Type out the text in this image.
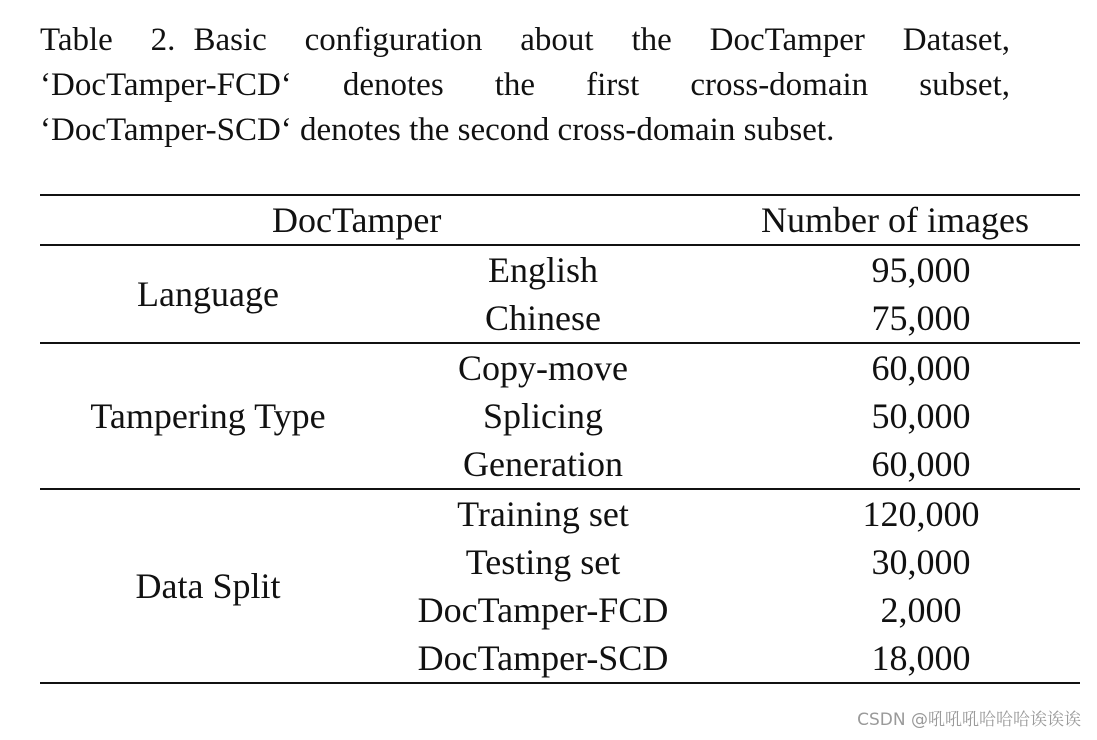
Table 2. Basic configuration about the DocTamper Dataset,
‘DocTamper-FCD‘ denotes the first cross-domain subset,
‘DocTamper-SCD‘ denotes the second cross-domain subset.
DocTamper		Number of images
Language	English	95,000
	Chinese	75,000
Tampering Type	Copy-move	60,000
	Splicing	50,000
	Generation	60,000
Data Split	Training set	120,000
	Testing set	30,000
	DocTamper-FCD	2,000
	DocTamper-SCD	18,000
CSDN @吼吼吼哈哈哈诶诶诶
